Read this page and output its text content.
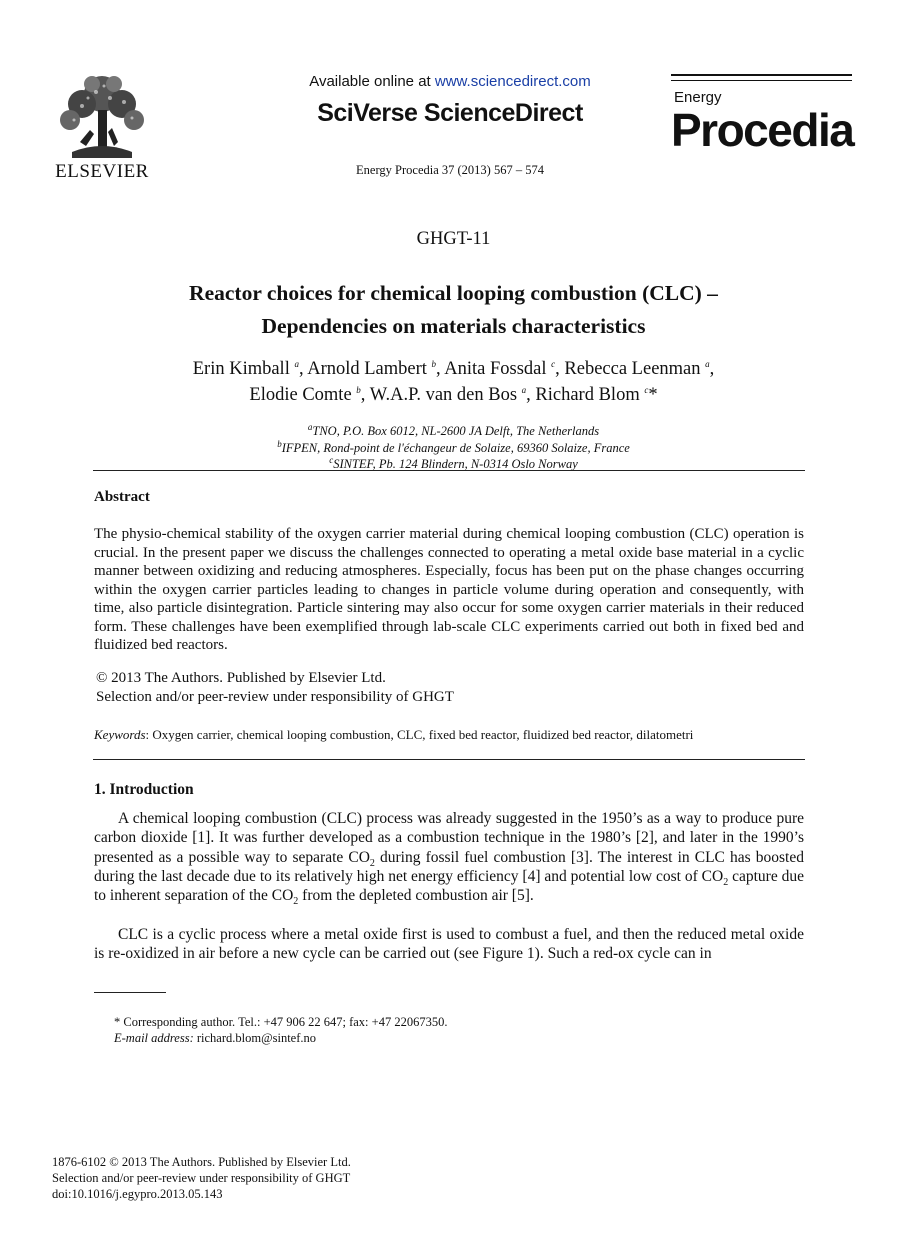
ELSEVIER
Available online at www.sciencedirect.com
SciVerse ScienceDirect
Energy Procedia 37 (2013) 567 – 574
Energy
Procedia
GHGT-11
Reactor choices for chemical looping combustion (CLC) –
Dependencies on materials characteristics
Erin Kimball $^a$, Arnold Lambert $^b$, Anita Fossdal $^c$, Rebecca Leenman $^a$,
Elodie Comte $^b$, W.A.P. van den Bos $^a$, Richard Blom $^c$*
$^a$TNO, P.O. Box 6012, NL-2600 JA Delft, The Netherlands
$^b$IFPEN, Rond-point de l'échangeur de Solaize, 69360 Solaize, France
$^c$SINTEF, Pb. 124 Blindern, N-0314 Oslo Norway
Abstract
The physio-chemical stability of the oxygen carrier material during chemical looping combustion (CLC) operation is crucial. In the present paper we discuss the challenges connected to operating a metal oxide base material in a cyclic manner between oxidizing and reducing atmospheres. Especially, focus has been put on the phase changes occurring within the oxygen carrier particles leading to changes in particle volume during operation and consequently, with time, also particle disintegration. Particle sintering may also occur for some oxygen carrier materials in their reduced form. These challenges have been exemplified through lab-scale CLC experiments carried out both in fixed bed and fluidized bed reactors.
© 2013 The Authors. Published by Elsevier Ltd.
Selection and/or peer-review under responsibility of GHGT
Keywords: Oxygen carrier, chemical looping combustion, CLC, fixed bed reactor, fluidized bed reactor, dilatometri
1. Introduction
A chemical looping combustion (CLC) process was already suggested in the 1950’s as a way to produce pure carbon dioxide [1]. It was further developed as a combustion technique in the 1980’s [2], and later in the 1990’s presented as a possible way to separate $CO_2$ during fossil fuel combustion [3]. The interest in CLC has boosted during the last decade due to its relatively high net energy efficiency [4] and potential low cost of $CO_2$ capture due to inherent separation of the $CO_2$ from the depleted combustion air [5].
CLC is a cyclic process where a metal oxide first is used to combust a fuel, and then the reduced metal oxide is re-oxidized in air before a new cycle can be carried out (see Figure 1). Such a red-ox cycle can in
* Corresponding author. Tel.: +47 906 22 647; fax: +47 22067350.
E-mail address: richard.blom@sintef.no
1876-6102 © 2013 The Authors. Published by Elsevier Ltd.
Selection and/or peer-review under responsibility of GHGT
doi:10.1016/j.egypro.2013.05.143
